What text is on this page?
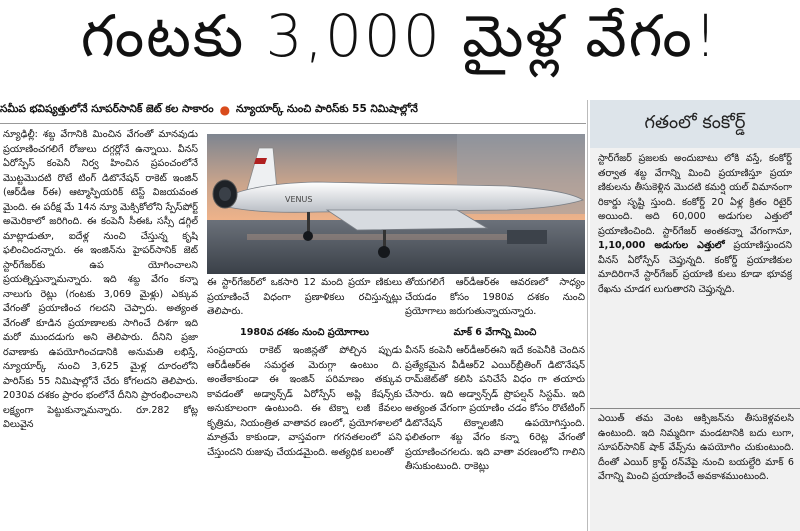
గంటకు 3,000 మైళ్ల వేగం!
సమీప భవిష్యత్తులోనే సూపర్‌సానిక్‌ జెట్‌ కల సాకారం ● న్యూయార్క్‌ నుంచి పారిస్‌కు 55 నిమిషాల్లోనే

న్యూఢిల్లీ: శబ్ద వేగానికి మించిన వేగంతో మానవుడు ప్రయాణించగలిగే రోజులు దగ్గర్లోనే ఉన్నాయి. వీనస్‌ ఏరోస్పేస్‌ కంపెనీ నిర్వ హించిన ప్రపంచంలోనే మొట్టమొదటి రొటే టింగ్‌ డిటొనేషన్‌ రాకెట్‌ ఇంజిన్‌ (ఆర్‌డీఆ ర్‌ఈ) ఆట్మాస్ఫియరిక్‌ టెస్ట్‌ విజయవంత మైంది. ఈ పరీక్ష మే 14న న్యూ మెక్సికోలోని స్పేస్‌పోర్ట్‌ అమెరికాలో జరిగింది. ఈ కంపెనీ సీఈఓ సస్సీ డగ్గిల్‌ మాట్లాడుతూ, ఐదేళ్ల నుంచి చేస్తున్న కృషి ఫలించిందన్నారు. ఈ ఇంజిన్‌ను హైపర్‌సానిక్‌ జెట్‌ స్టార్‌గేజర్‌కు ఉప యోగించాలని ప్రయత్నిస్తున్నామన్నారు. ఇది శబ్ద వేగం కన్నా నాలుగు రెట్లు (గంటకు 3,069 మైళ్లు) ఎక్కువ వేగంతో ప్రయాణించ గలదని చెప్పారు. అత్యంత వేగంతో కూడిన ప్రయాణాలకు సాగించే దిశగా ఇది మరో ముందడుగు అని తెలిపారు. దీనిని ప్రజా రవాణాకు ఉపయోగించడానికి అనుమతి లభిస్తే, న్యూయార్క్‌ నుంచి 3,625 మైళ్ల దూరంలోని పారిస్‌కు 55 నిమిషాల్లోనే చేరు కోగలదని తెలిపారు. 2030వ దశకం ప్రారం భంలోనే దీనిని ప్రారంభించాలని లక్ష్యంగా పెట్టుకున్నామన్నారు. రూ.282 కోట్ల విలువైన

VENUS

ఈ స్టార్‌గేజర్‌లో ఒకసారి 12 మంది ప్రయా ణికులు ప్రయాణించే విధంగా ప్రణాళికలు రచిస్తున్నట్లు తెలిపారు.

1980వ దశకం నుంచి ప్రయోగాలు

సంప్రదాయ రాకెట్‌ ఇంజిన్లతో పోల్చిన ప్పుడు ఆర్‌డీఆర్‌ఈ సమర్థత మెరుగ్గా ఉంటుం ది. అంతేకాకుండా ఈ ఇంజిన్‌ పరిమాణం తక్కువ కావడంతో అడ్వాన్స్‌డ్‌ ఏరోస్పేస్‌ అప్లి కేషన్స్‌కు అనుకూలంగా ఉంటుంది. ఈ టెక్నా లజీ కేవలం కృత్రిమ, నియంత్రిత వాతావర ణంలో, ప్రయోగశాలలో మాత్రమే కాకుండా, వాస్తవంగా గగనతలంలో పని చేస్తుందని రుజువు చేయడమైంది. అత్యధిక బలంతో

తోయగలిగే ఆర్‌డీఆర్‌ఈ ఆవరణలో సాధ్యం చేయడం కోసం 1980వ దశకం నుంచి ప్రయోగాలు జరుగుతున్నాయన్నారు.

మాక్‌ 6 వేగాన్ని మించి

వీనస్‌ కంపెనీ ఆర్‌డీఆర్‌ఈని ఇదే కంపెనీకి చెందిన ప్రత్యేకమైన వీడీఆర్‌2 ఎయిర్‌బ్రీతింగ్‌ డిటొనేషన్‌ రామ్‌జెట్‌తో కలిసి పనిచేసే విధం గా తయారు చేసారు. ఇది అడ్వాన్స్‌డ్‌ ప్రొపల్షన్‌ సిస్టమ్‌. ఇది అత్యంత వేగంగా ప్రయాణిం చడం కోసం రొటేటింగ్‌ డిటొనేషన్‌ టెక్నాలజీని ఉపయోగిస్తుంది. ఫలితంగా శబ్ద వేగం కన్నా 6రెట్ల వేగంతో ప్రయాణించగలదు. ఇది వాతా వరణంలోని గాలిని తీసుకుంటుంది. రాకెట్లు

గతంలో కంకోర్డ్‌
స్టార్‌గేజర్‌ ప్రజలకు అందుబాటు లోకి వస్తే, కంకోర్డ్‌ తర్వాత శబ్ద వేగాన్ని మించి ప్రయాణిస్తూ ప్రయా ణికులను తీసుకెళ్లిన మొదటి కమర్షి యల్‌ విమానంగా రికార్డు సృష్టి స్తుంది. కంకోర్డ్‌ 20 ఏళ్ల క్రితం రిటైర్‌ అయింది. అది 60,000 అడుగుల ఎత్తులో ప్రయాణించింది. స్టార్‌గేజర్‌ అంతకన్నా వేగంగానూ, 1,10,000 అడుగుల ఎత్తులో ప్రయాణిస్తుందని వీనస్‌ ఏరోస్పేస్‌ చెప్తున్నది. కంకోర్డ్‌ ప్రయాణికుల మాదిరిగానే స్టార్‌గేజర్‌ ప్రయాణి కులు కూడా భూవక్ర రేఖను చూడగ లుగుతారని చెప్తున్నది.
ఎయిత్‌ తమ వెంట ఆక్సిజన్‌ను తీసుకెళ్లవలసి ఉంటుంది. ఇది నిమ్మదిగా మండటానికి బదు లుగా, సూపర్‌సానిక్‌ షాక్‌ వేవ్స్‌ను ఉపయోగిం చుకుంటుంది. దీంతో ఎయిర్‌ క్రాఫ్ట్‌ రన్‌వేపై నుంచి బయల్దేరి మాక్‌ 6 వేగాన్ని మించి ప్రయాణించే అవకాశముంటుంది.
